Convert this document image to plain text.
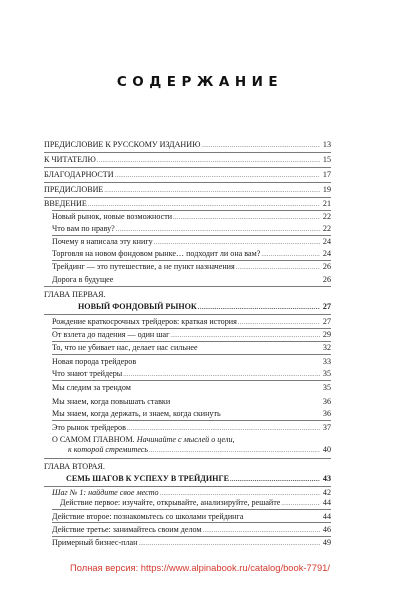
СОДЕРЖАНИЕ
ПРЕДИСЛОВИЕ К РУССКОМУ ИЗДАНИЮ .....	13
К ЧИТАТЕЛЮ .....	15
БЛАГОДАРНОСТИ .....	17
ПРЕДИСЛОВИЕ .....	19
ВВЕДЕНИЕ .....	21
Новый рынок, новые возможности .....	22
Что вам по нраву? .....	22
Почему я написала эту книгу .....	24
Торговля на новом фондовом рынке… подходит ли она вам? .....	24
Трейдинг — это путешествие, а не пункт назначения .....	26
Дорога в будущее	26
ГЛАВА ПЕРВАЯ.
НОВЫЙ ФОНДОВЫЙ РЫНОК .....	27
Рождение краткосрочных трейдеров: краткая история .....	27
От взлета до падения — один шаг .....	29
То, что не убивает нас, делает нас сильнее	32
Новая порода трейдеров	33
Что знают трейдеры .....	35
Мы следим за трендом	35
Мы знаем, когда повышать ставки	36
Мы знаем, когда держать, и знаем, когда скинуть	36
Это рынок трейдеров .....	37
О САМОМ ГЛАВНОМ. Начинайте с мыслей о цели,
к которой стремитесь .....	40
ГЛАВА ВТОРАЯ.
СЕМЬ ШАГОВ К УСПЕХУ В ТРЕЙДИНГЕ .....	43
Шаг № 1: найдите свое место .....	42
Действие первое: изучайте, открывайте, анализируйте, решайте .....	44
Действие второе: познакомьтесь со школами трейдинга	44
Действие третье: занимайтесь своим делом .....	46
Примерный бизнес-план .....	49
Полная версия: https://www.alpinabook.ru/catalog/book-7791/
